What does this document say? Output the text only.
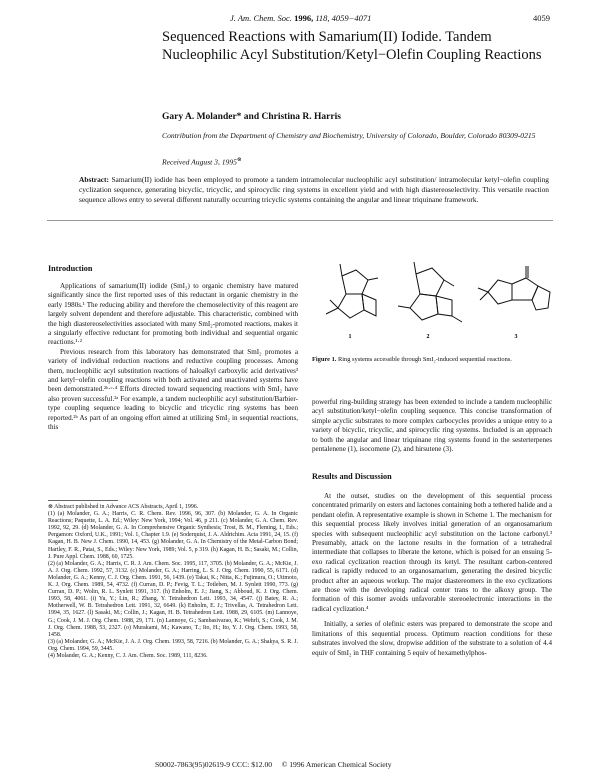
J. Am. Chem. Soc. 1996, 118, 4059−4071	4059
Sequenced Reactions with Samarium(II) Iodide. Tandem Nucleophilic Acyl Substitution/Ketyl−Olefin Coupling Reactions
Gary A. Molander* and Christina R. Harris
Contribution from the Department of Chemistry and Biochemistry, University of Colorado, Boulder, Colorado 80309-0215
Received August 3, 1995⊗
Abstract: Samarium(II) iodide has been employed to promote a tandem intramolecular nucleophilic acyl substitution/ intramolecular ketyl−olefin coupling cyclization sequence, generating bicyclic, tricyclic, and spirocyclic ring systems in excellent yield and with high diastereoselectivity. This versatile reaction sequence allows entry to several different naturally occurring tricyclic systems containing the angular and linear triquinane framework.
Introduction

Applications of samarium(II) iodide (SmI₂) to organic chemistry have matured significantly since the first reported uses of this reductant in organic chemistry in the early 1980s.¹ The reducing ability and therefore the chemoselectivity of this reagent are largely solvent dependent and therefore adjustable. This characteristic, combined with the high diastereoselectivities associated with many SmI₂-promoted reactions, makes it a singularly effective reductant for promoting both individual and sequential organic reactions.¹·²

Previous research from this laboratory has demonstrated that SmI₂ promotes a variety of individual reduction reactions and reductive coupling processes. Among them, nucleophilic acyl substitution reactions of haloalkyl carboxylic acid derivatives³ and ketyl−olefin coupling reactions with both activated and unactivated systems have been demonstrated.²ᵇ·ᶜ·⁴ Efforts directed toward sequencing reactions with SmI₂ have also proven successful.²ᵃ For example, a tandem nucleophilic acyl substitution/Barbier-type coupling sequence leading to bicyclic and tricyclic ring systems has been reported.²ᵇ As part of an ongoing effort aimed at utilizing SmI₂ in sequential reactions, this

⊗ Abstract published in Advance ACS Abstracts, April 1, 1996.

(1) (a) Molander, G. A.; Harris, C. R. Chem. Rev. 1996, 96, 307. (b) Molander, G. A. In Organic Reactions; Paquette, L. A. Ed.; Wiley: New York, 1994; Vol. 46, p 211. (c) Molander, G. A. Chem. Rev. 1992, 92, 29. (d) Molander, G. A. In Comprehensive Organic Synthesis; Trost, B. M., Fleming, I., Eds.; Pergamon: Oxford, U.K., 1991; Vol. 1, Chapter 1.9. (e) Soderquist, J. A. Aldrichim. Acta 1991, 24, 15. (f) Kagan, H. B. New J. Chem. 1990, 14, 453. (g) Molander, G. A. In Chemistry of the Metal-Carbon Bond; Hartley, F. R., Patai, S., Eds.; Wiley: New York, 1989; Vol. 5, p 319. (h) Kagan, H. B.; Sasaki, M.; Collin, J. Pure Appl. Chem. 1988, 60, 1725.

(2) (a) Molander, G. A.; Harris, C. R. J. Am. Chem. Soc. 1995, 117, 3705. (b) Molander, G. A.; McKie, J. A. J. Org. Chem. 1992, 57, 3132. (c) Molander, G. A.; Harring, L. S. J. Org. Chem. 1990, 55, 6171. (d) Molander, G. A.; Kenny, C. J. Org. Chem. 1991, 56, 1439. (e) Takai, K.; Nitta, K.; Fujimura, O.; Utimoto, K. J. Org. Chem. 1989, 54, 4732. (f) Curran, D. P.; Fevig, T. L.; Totleben, M. J. Synlett 1990, 773. (g) Curran, D. P.; Wolin, R. L. Synlett 1991, 317. (h) Enholm, E. J.; Jiang, S.; Abboud, K. J. Org. Chem. 1993, 58, 4061. (i) Yu, Y.; Lin, R.; Zhang, Y. Tetrahedron Lett. 1993, 34, 4547. (j) Batey, R. A.; Motherwell, W. B. Tetrahedron Lett. 1991, 32, 6649. (k) Enholm, E. J.; Trivellas, A. Tetrahedron Lett. 1994, 35, 1627. (l) Sasaki, M.; Collin, J.; Kagan, H. B. Tetrahedron Lett. 1988, 29, 6105. (m) Lannoye, G.; Cook, J. M. J. Org. Chem. 1988, 29, 171. (n) Lannoye, G.; Sambasivarao, K.; Wehrli, S.; Cook, J. M. J. Org. Chem. 1988, 53, 2327. (o) Murakami, M.; Kawano, T.; Ito, H.; Ito, Y. J. Org. Chem. 1993, 58, 1458.

(3) (a) Molander, G. A.; McKie, J. A. J. Org. Chem. 1993, 58, 7216. (b) Molander, G. A.; Shakya, S. R. J. Org. Chem. 1994, 59, 3445.

(4) Molander, G. A.; Kenny, C. J. Am. Chem. Soc. 1989, 111, 8236.

1	2	3
Figure 1. Ring systems accessible through SmI₂-induced sequential reactions.

powerful ring-building strategy has been extended to include a tandem nucleophilic acyl substitution/ketyl−olefin coupling sequence. This concise transformation of simple acyclic substrates to more complex carbocycles provides a unique entry to a variety of bicyclic, tricyclic, and spirocyclic ring systems. Included is an approach to both the angular and linear triquinane ring systems found in the sesterterpenes pentalenene (1), isocomene (2), and hirsutene (3).

Results and Discussion

At the outset, studies on the development of this sequential process concentrated primarily on esters and lactones containing both a tethered halide and a pendant olefin. A representative example is shown in Scheme 1. The mechanism for this sequential process likely involves initial generation of an organosamarium species with subsequent nucleophilic acyl substitution on the lactone carbonyl.³ Presumably, attack on the lactone results in the formation of a tetrahedral intermediate that collapses to liberate the ketone, which is poised for an ensuing 5-exo radical cyclization reaction through its ketyl. The resultant carbon-centered radical is rapidly reduced to an organosamarium, generating the desired bicyclic product after an aqueous workup. The major diastereomers in the exo cyclizations are those with the developing radical center trans to the alkoxy group. The formation of this isomer avoids unfavorable stereoelectronic interactions in the radical cyclization.⁴

Initially, a series of olefinic esters was prepared to demonstrate the scope and limitations of this sequential process. Optimum reaction conditions for these substrates involved the slow, dropwise addition of the substrate to a solution of 4.4 equiv of SmI₂ in THF containing 5 equiv of hexamethylphos-

S0002-7863(95)02619-9 CCC: $12.00 © 1996 American Chemical Society
